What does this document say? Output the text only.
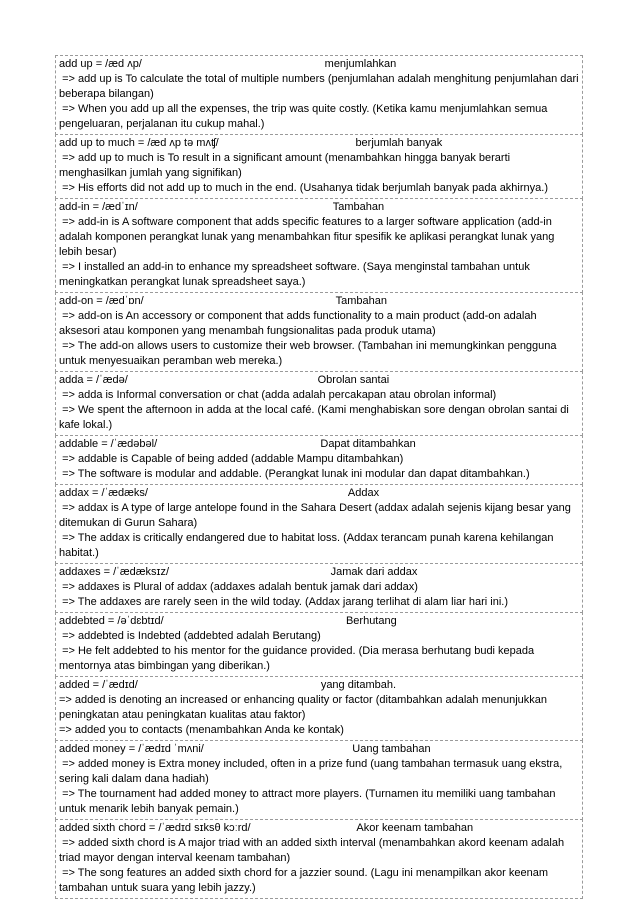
add up = /æd ʌp/	menjumlahkan
=> add up is To calculate the total of multiple numbers (penjumlahan adalah menghitung penjumlahan dari beberapa bilangan)
=> When you add up all the expenses, the trip was quite costly. (Ketika kamu menjumlahkan semua pengeluaran, perjalanan itu cukup mahal.)
add up to much = /æd ʌp tə mʌʧ/	berjumlah banyak
=> add up to much is To result in a significant amount (menambahkan hingga banyak berarti menghasilkan jumlah yang signifikan)
=> His efforts did not add up to much in the end. (Usahanya tidak berjumlah banyak pada akhirnya.)
add-in = /ædˈɪn/	Tambahan
=> add-in is A software component that adds specific features to a larger software application (add-in adalah komponen perangkat lunak yang menambahkan fitur spesifik ke aplikasi perangkat lunak yang lebih besar)
=> I installed an add-in to enhance my spreadsheet software. (Saya menginstal tambahan untuk meningkatkan perangkat lunak spreadsheet saya.)
add-on = /ædˈɒn/	Tambahan
=> add-on is An accessory or component that adds functionality to a main product (add-on adalah aksesori atau komponen yang menambah fungsionalitas pada produk utama)
=> The add-on allows users to customize their web browser. (Tambahan ini memungkinkan pengguna untuk menyesuaikan peramban web mereka.)
adda = /ˈædə/	Obrolan santai
=> adda is Informal conversation or chat (adda adalah percakapan atau obrolan informal)
=> We spent the afternoon in adda at the local café. (Kami menghabiskan sore dengan obrolan santai di kafe lokal.)
addable = /ˈædəbəl/	Dapat ditambahkan
=> addable is Capable of being added (addable Mampu ditambahkan)
=> The software is modular and addable. (Perangkat lunak ini modular dan dapat ditambahkan.)
addax = /ˈædæks/	Addax
=> addax is A type of large antelope found in the Sahara Desert (addax adalah sejenis kijang besar yang ditemukan di Gurun Sahara)
=> The addax is critically endangered due to habitat loss. (Addax terancam punah karena kehilangan habitat.)
addaxes = /ˈædæksɪz/	Jamak dari addax
=> addaxes is Plural of addax (addaxes adalah bentuk jamak dari addax)
=> The addaxes are rarely seen in the wild today. (Addax jarang terlihat di alam liar hari ini.)
addebted = /əˈdɛbtɪd/	Berhutang
=> addebted is Indebted (addebted adalah Berutang)
=> He felt addebted to his mentor for the guidance provided. (Dia merasa berhutang budi kepada mentornya atas bimbingan yang diberikan.)
added = /ˈædɪd/	yang ditambah.
=> added is denoting an increased or enhancing quality or factor (ditambahkan adalah menunjukkan peningkatan atau peningkatan kualitas atau faktor)
=> added you to contacts (menambahkan Anda ke kontak)
added money = /ˈædɪd ˈmʌni/	Uang tambahan
=> added money is Extra money included, often in a prize fund (uang tambahan termasuk uang ekstra, sering kali dalam dana hadiah)
=> The tournament had added money to attract more players. (Turnamen itu memiliki uang tambahan untuk menarik lebih banyak pemain.)
added sixth chord = /ˈædɪd sɪksθ kɔːrd/	Akor keenam tambahan
=> added sixth chord is A major triad with an added sixth interval (menambahkan akord keenam adalah triad mayor dengan interval keenam tambahan)
=> The song features an added sixth chord for a jazzier sound. (Lagu ini menampilkan akor keenam tambahan untuk suara yang lebih jazzy.)
